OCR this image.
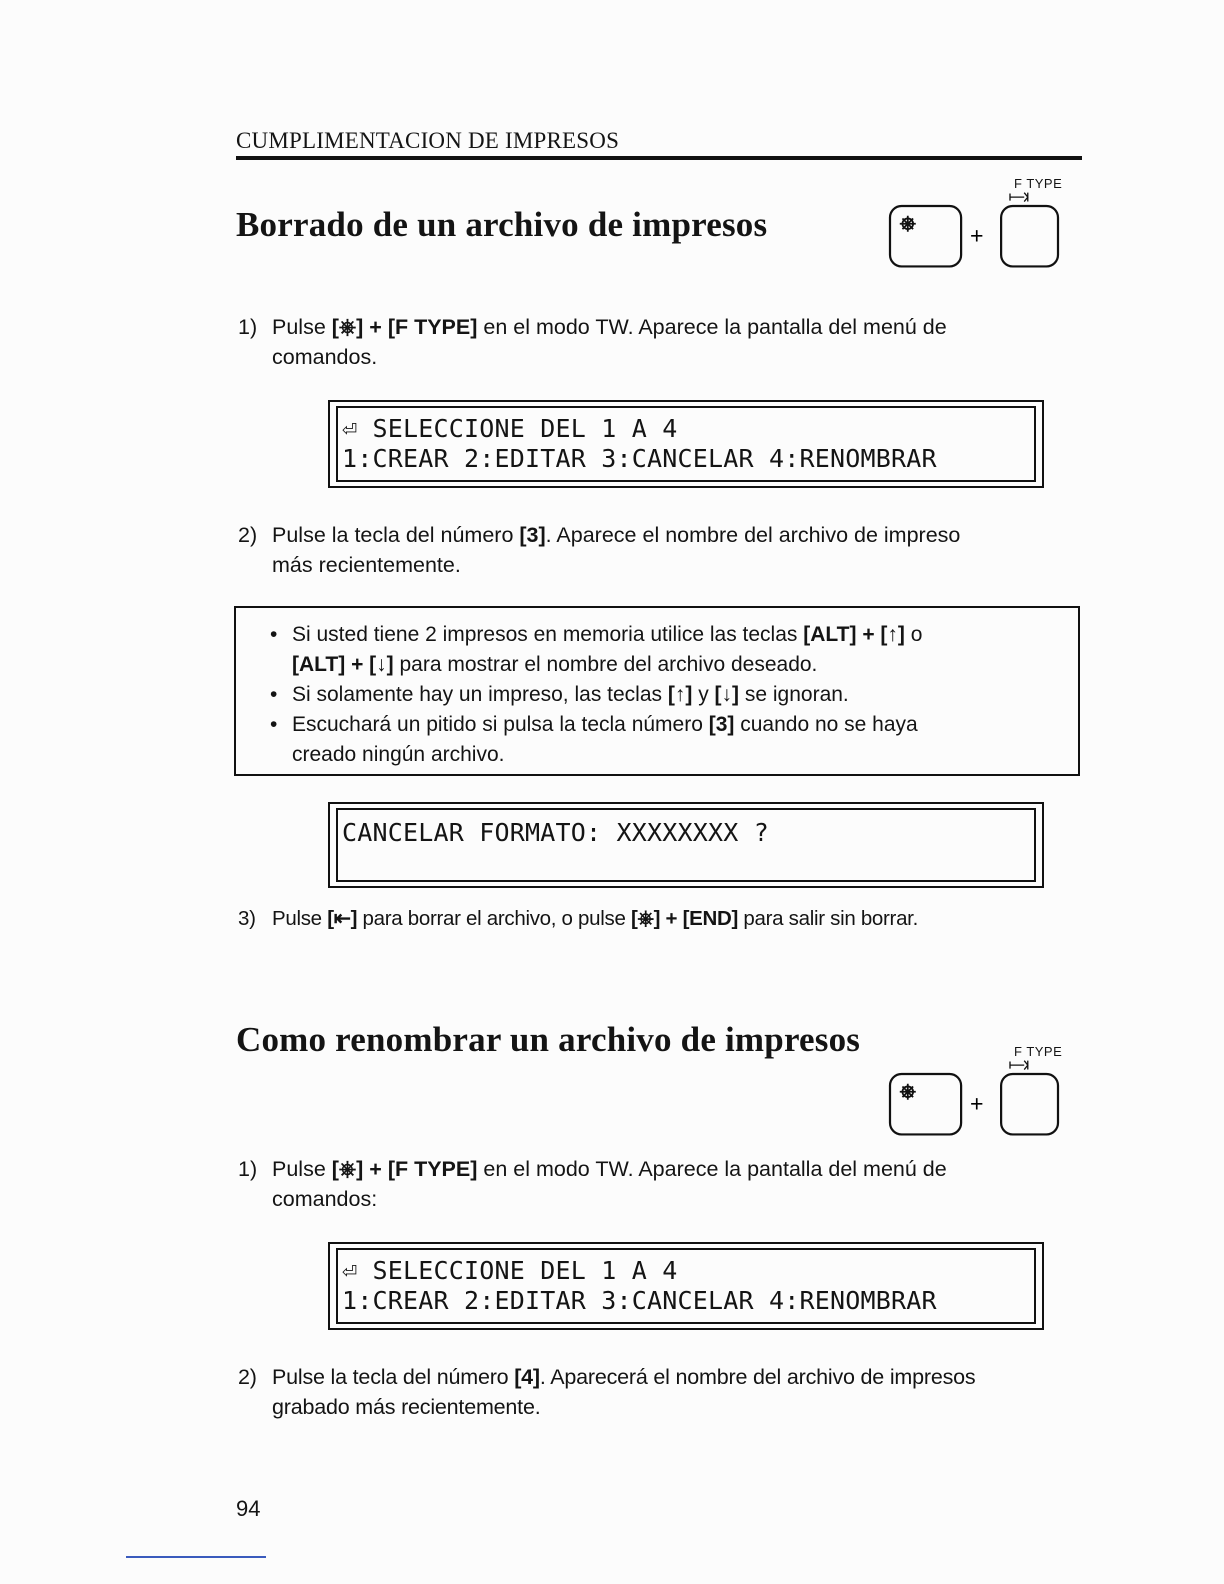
CUMPLIMENTACION DE IMPRESOS
Borrado de un archivo de impresos
F TYPE
+
1) Pulse [⎈] + [F TYPE] en el modo TW. Aparece la pantalla del menú de
comandos.
⏎ SELECCIONE DEL 1 A 4
1:CREAR 2:EDITAR 3:CANCELAR 4:RENOMBRAR
2) Pulse la tecla del número [3]. Aparece el nombre del archivo de impreso
más recientemente.
• Si usted tiene 2 impresos en memoria utilice las teclas [ALT] + [↑] o
[ALT] + [↓] para mostrar el nombre del archivo deseado.
• Si solamente hay un impreso, las teclas [↑] y [↓] se ignoran.
• Escuchará un pitido si pulsa la tecla número [3] cuando no se haya
creado ningún archivo.
CANCELAR FORMATO: XXXXXXXX ?
3) Pulse [⇤] para borrar el archivo, o pulse [⎈] + [END] para salir sin borrar.
Como renombrar un archivo de impresos	F TYPE
+
1) Pulse [⎈] + [F TYPE] en el modo TW. Aparece la pantalla del menú de
comandos:
⏎ SELECCIONE DEL 1 A 4
1:CREAR 2:EDITAR 3:CANCELAR 4:RENOMBRAR
2) Pulse la tecla del número [4]. Aparecerá el nombre del archivo de impresos
grabado más recientemente.
94
